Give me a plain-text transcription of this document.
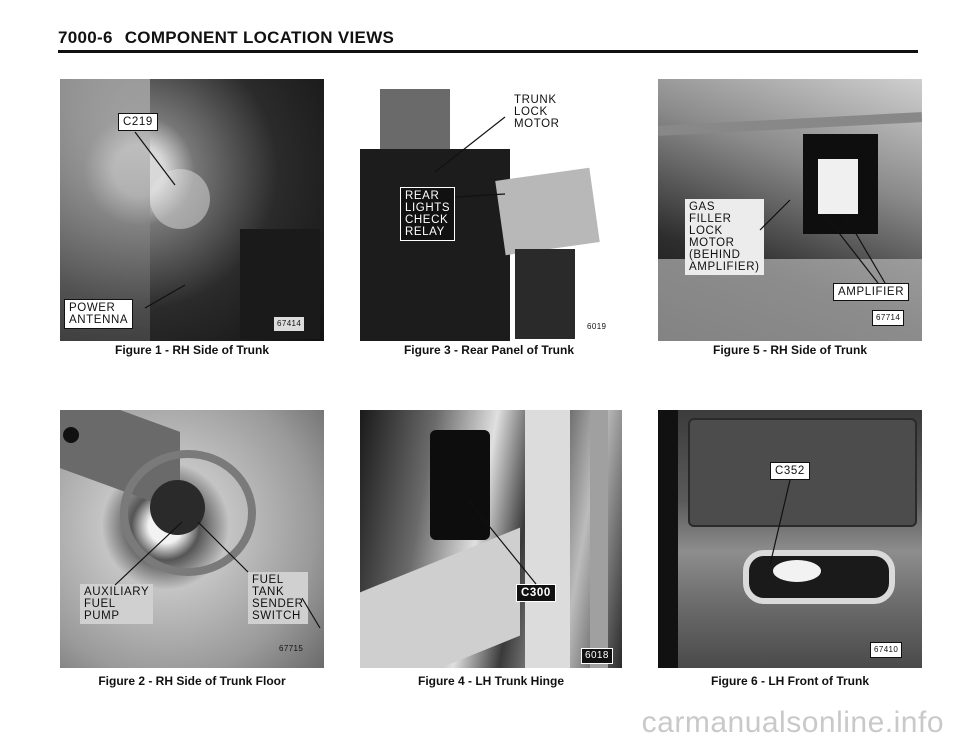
7000-6 COMPONENT LOCATION VIEWS
C219
POWER
ANTENNA	67414
Figure 1 - RH Side of Trunk
TRUNK
LOCK
MOTOR
REAR
LIGHTS
CHECK
RELAY
6019
Figure 3 - Rear Panel of Trunk
GAS
FILLER
LOCK
MOTOR
(BEHIND
AMPLIFIER)
AMPLIFIER
67714
Figure 5 - RH Side of Trunk
AUXILIARY
FUEL
PUMP
FUEL
TANK
SENDER
SWITCH
67715
Figure 2 - RH Side of Trunk Floor
C300
6018
Figure 4 - LH Trunk Hinge
C352
67410
Figure 6 - LH Front of Trunk
carmanualsonline.info
